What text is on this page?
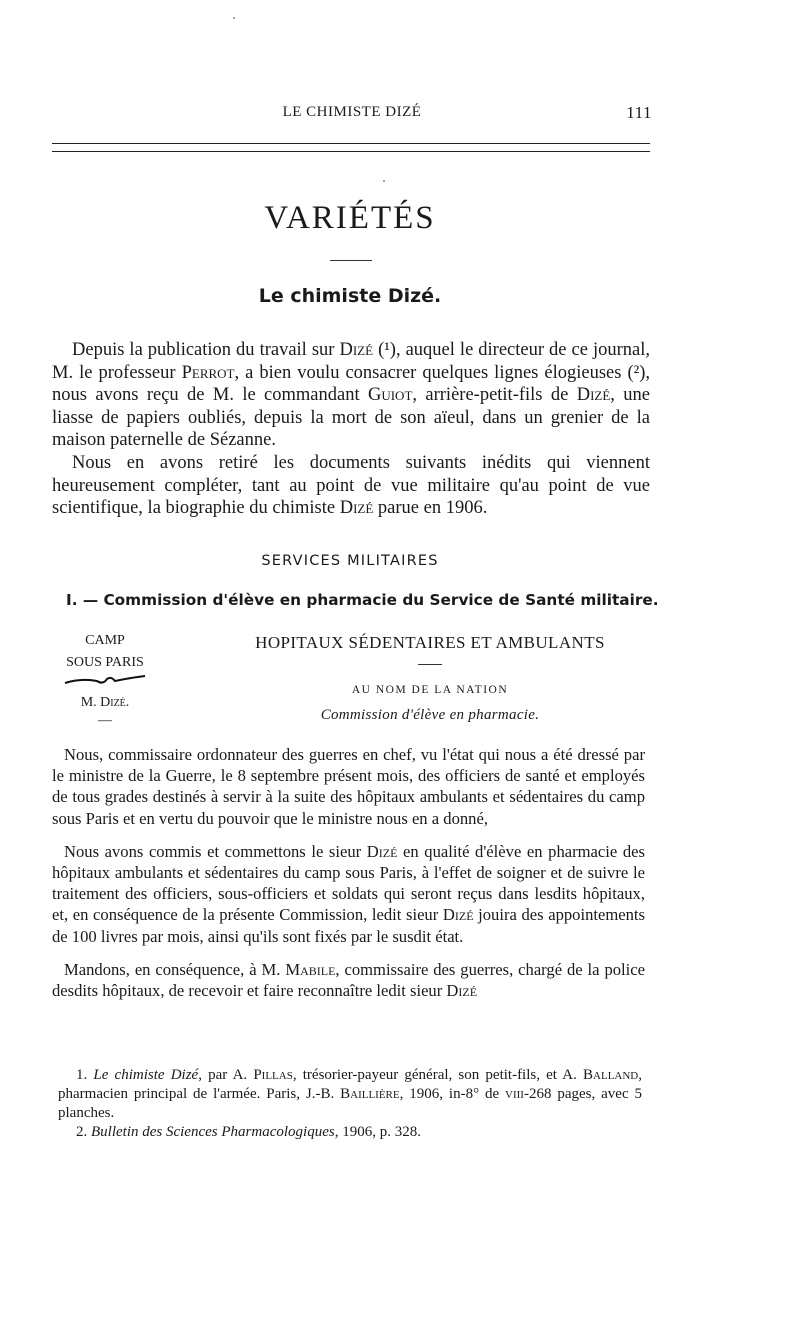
LE CHIMISTE DIZÉ	111
VARIÉTÉS
Le chimiste Dizé.

Depuis la publication du travail sur Dizé (¹), auquel le directeur de ce journal, M. le professeur Perrot, a bien voulu consacrer quelques lignes élogieuses (²), nous avons reçu de M. le commandant Guiot, arrière-petit-fils de Dizé, une liasse de papiers oubliés, depuis la mort de son aïeul, dans un grenier de la maison paternelle de Sézanne.

Nous en avons retiré les documents suivants inédits qui viennent heureusement compléter, tant au point de vue militaire qu'au point de vue scientifique, la biographie du chimiste Dizé parue en 1906.

SERVICES MILITAIRES
I. — Commission d'élève en pharmacie du Service de Santé militaire.
CAMP
SOUS PARIS
M. Dizé.
—
HOPITAUX SÉDENTAIRES ET AMBULANTS
AU NOM DE LA NATION
Commission d'élève en pharmacie.

Nous, commissaire ordonnateur des guerres en chef, vu l'état qui nous a été dressé par le ministre de la Guerre, le 8 septembre présent mois, des officiers de santé et employés de tous grades destinés à servir à la suite des hôpitaux ambulants et sédentaires du camp sous Paris et en vertu du pouvoir que le ministre nous en a donné,

Nous avons commis et commettons le sieur Dizé en qualité d'élève en pharmacie des hôpitaux ambulants et sédentaires du camp sous Paris, à l'effet de soigner et de suivre le traitement des officiers, sous-officiers et soldats qui seront reçus dans lesdits hôpitaux, et, en conséquence de la présente Commission, ledit sieur Dizé jouira des appointements de 100 livres par mois, ainsi qu'ils sont fixés par le susdit état.

Mandons, en conséquence, à M. Mabile, commissaire des guerres, chargé de la police desdits hôpitaux, de recevoir et faire reconnaître ledit sieur Dizé

1. Le chimiste Dizé, par A. Pillas, trésorier-payeur général, son petit-fils, et A. Balland, pharmacien principal de l'armée. Paris, J.-B. Baillière, 1906, in-8° de viii-268 pages, avec 5 planches.

2. Bulletin des Sciences Pharmacologiques, 1906, p. 328.
